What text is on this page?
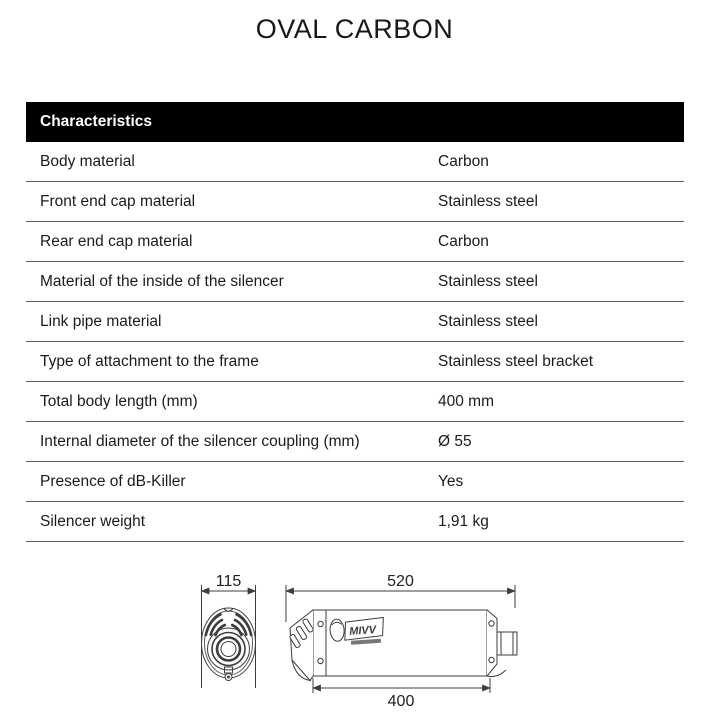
OVAL CARBON
Characteristics
Body material	Carbon
Front end cap material	Stainless steel
Rear end cap material	Carbon
Material of the inside of the silencer	Stainless steel
Link pipe material	Stainless steel
Type of attachment to the frame	Stainless steel bracket
Total body length (mm)	400 mm
Internal diameter of the silencer coupling (mm)	Ø 55
Presence of dB-Killer	Yes
Silencer weight	1,91 kg
115	520
MIVV
400
